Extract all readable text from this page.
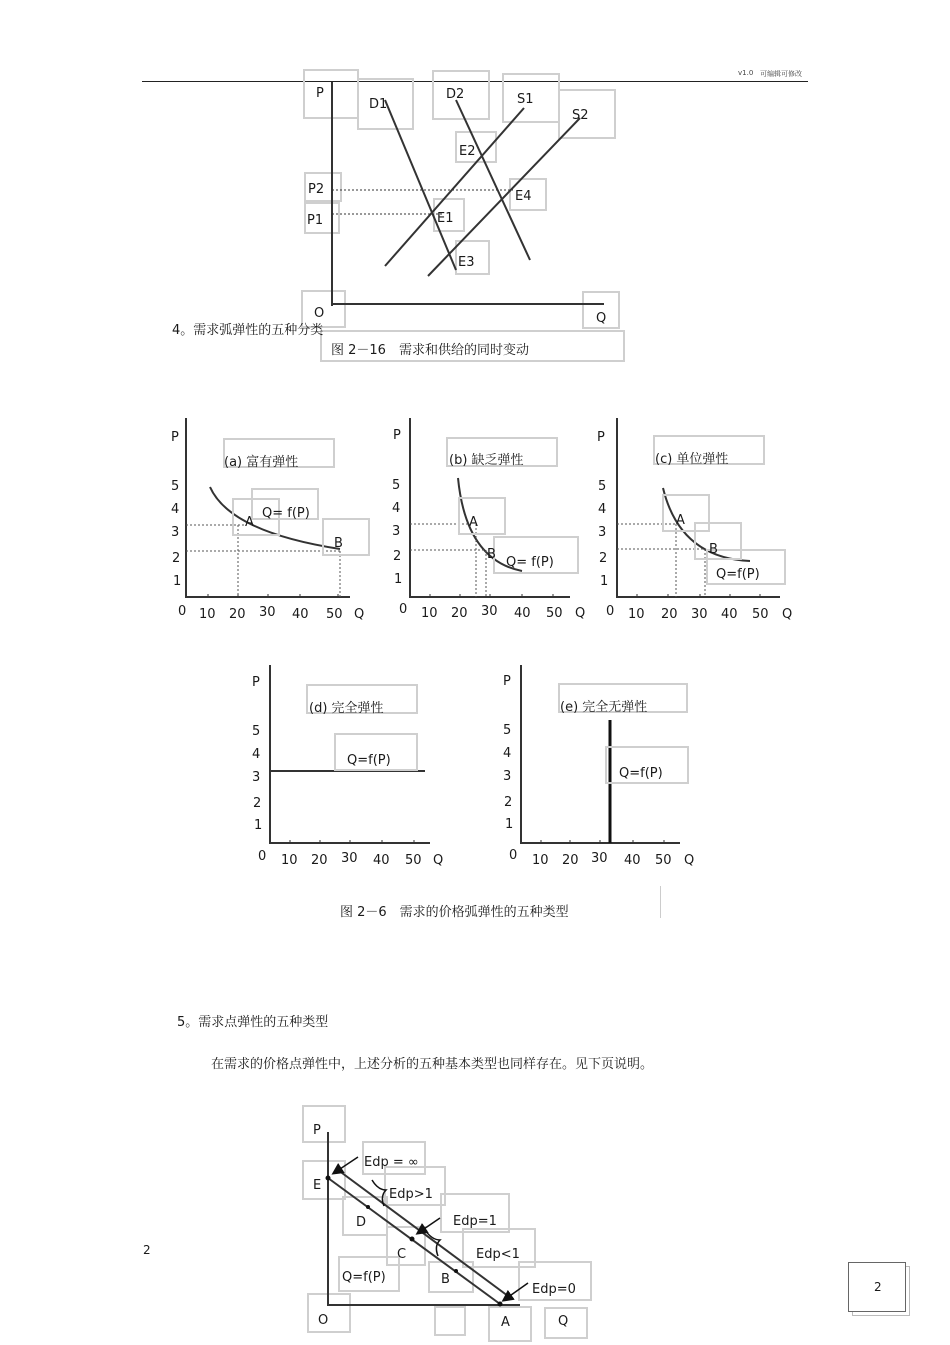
v1.0 可编辑可修改
P
D1
D2	S1
S2
E2
E4
P2
P1	E1
E3
O	Q
4。需求弧弹性的五种分类
图 2－16　需求和供给的同时变动
P
(a) 富有弹性
5
4
3
2
1
0 10 20 30 40 50 Q
Q= f(P)
A
B
P
(b) 缺乏弹性
5
4
3
2
1
0 10 20 30 40 50 Q
A
B
Q= f(P)
P
(c) 单位弹性
5
4
3
2
1
0 10 20 30 40 50 Q
A
B
Q=f(P)
P
(d) 完全弹性
5
4
3
2
1
0 10 20 30 40 50 Q
Q=f(P)
P
(e) 完全无弹性
5
4
3
2
1
0 10 20 30 40 50 Q
Q=f(P)
图 2－6　需求的价格弧弹性的五种类型
5。需求点弹性的五种类型
在需求的价格点弹性中，上述分析的五种基本类型也同样存在。见下页说明。
P
Edp = ∞
E
Edp>1
D	Edp=1
C	Edp<1
Q=f(P)	B
Edp=0
O	A	Q
2
2
